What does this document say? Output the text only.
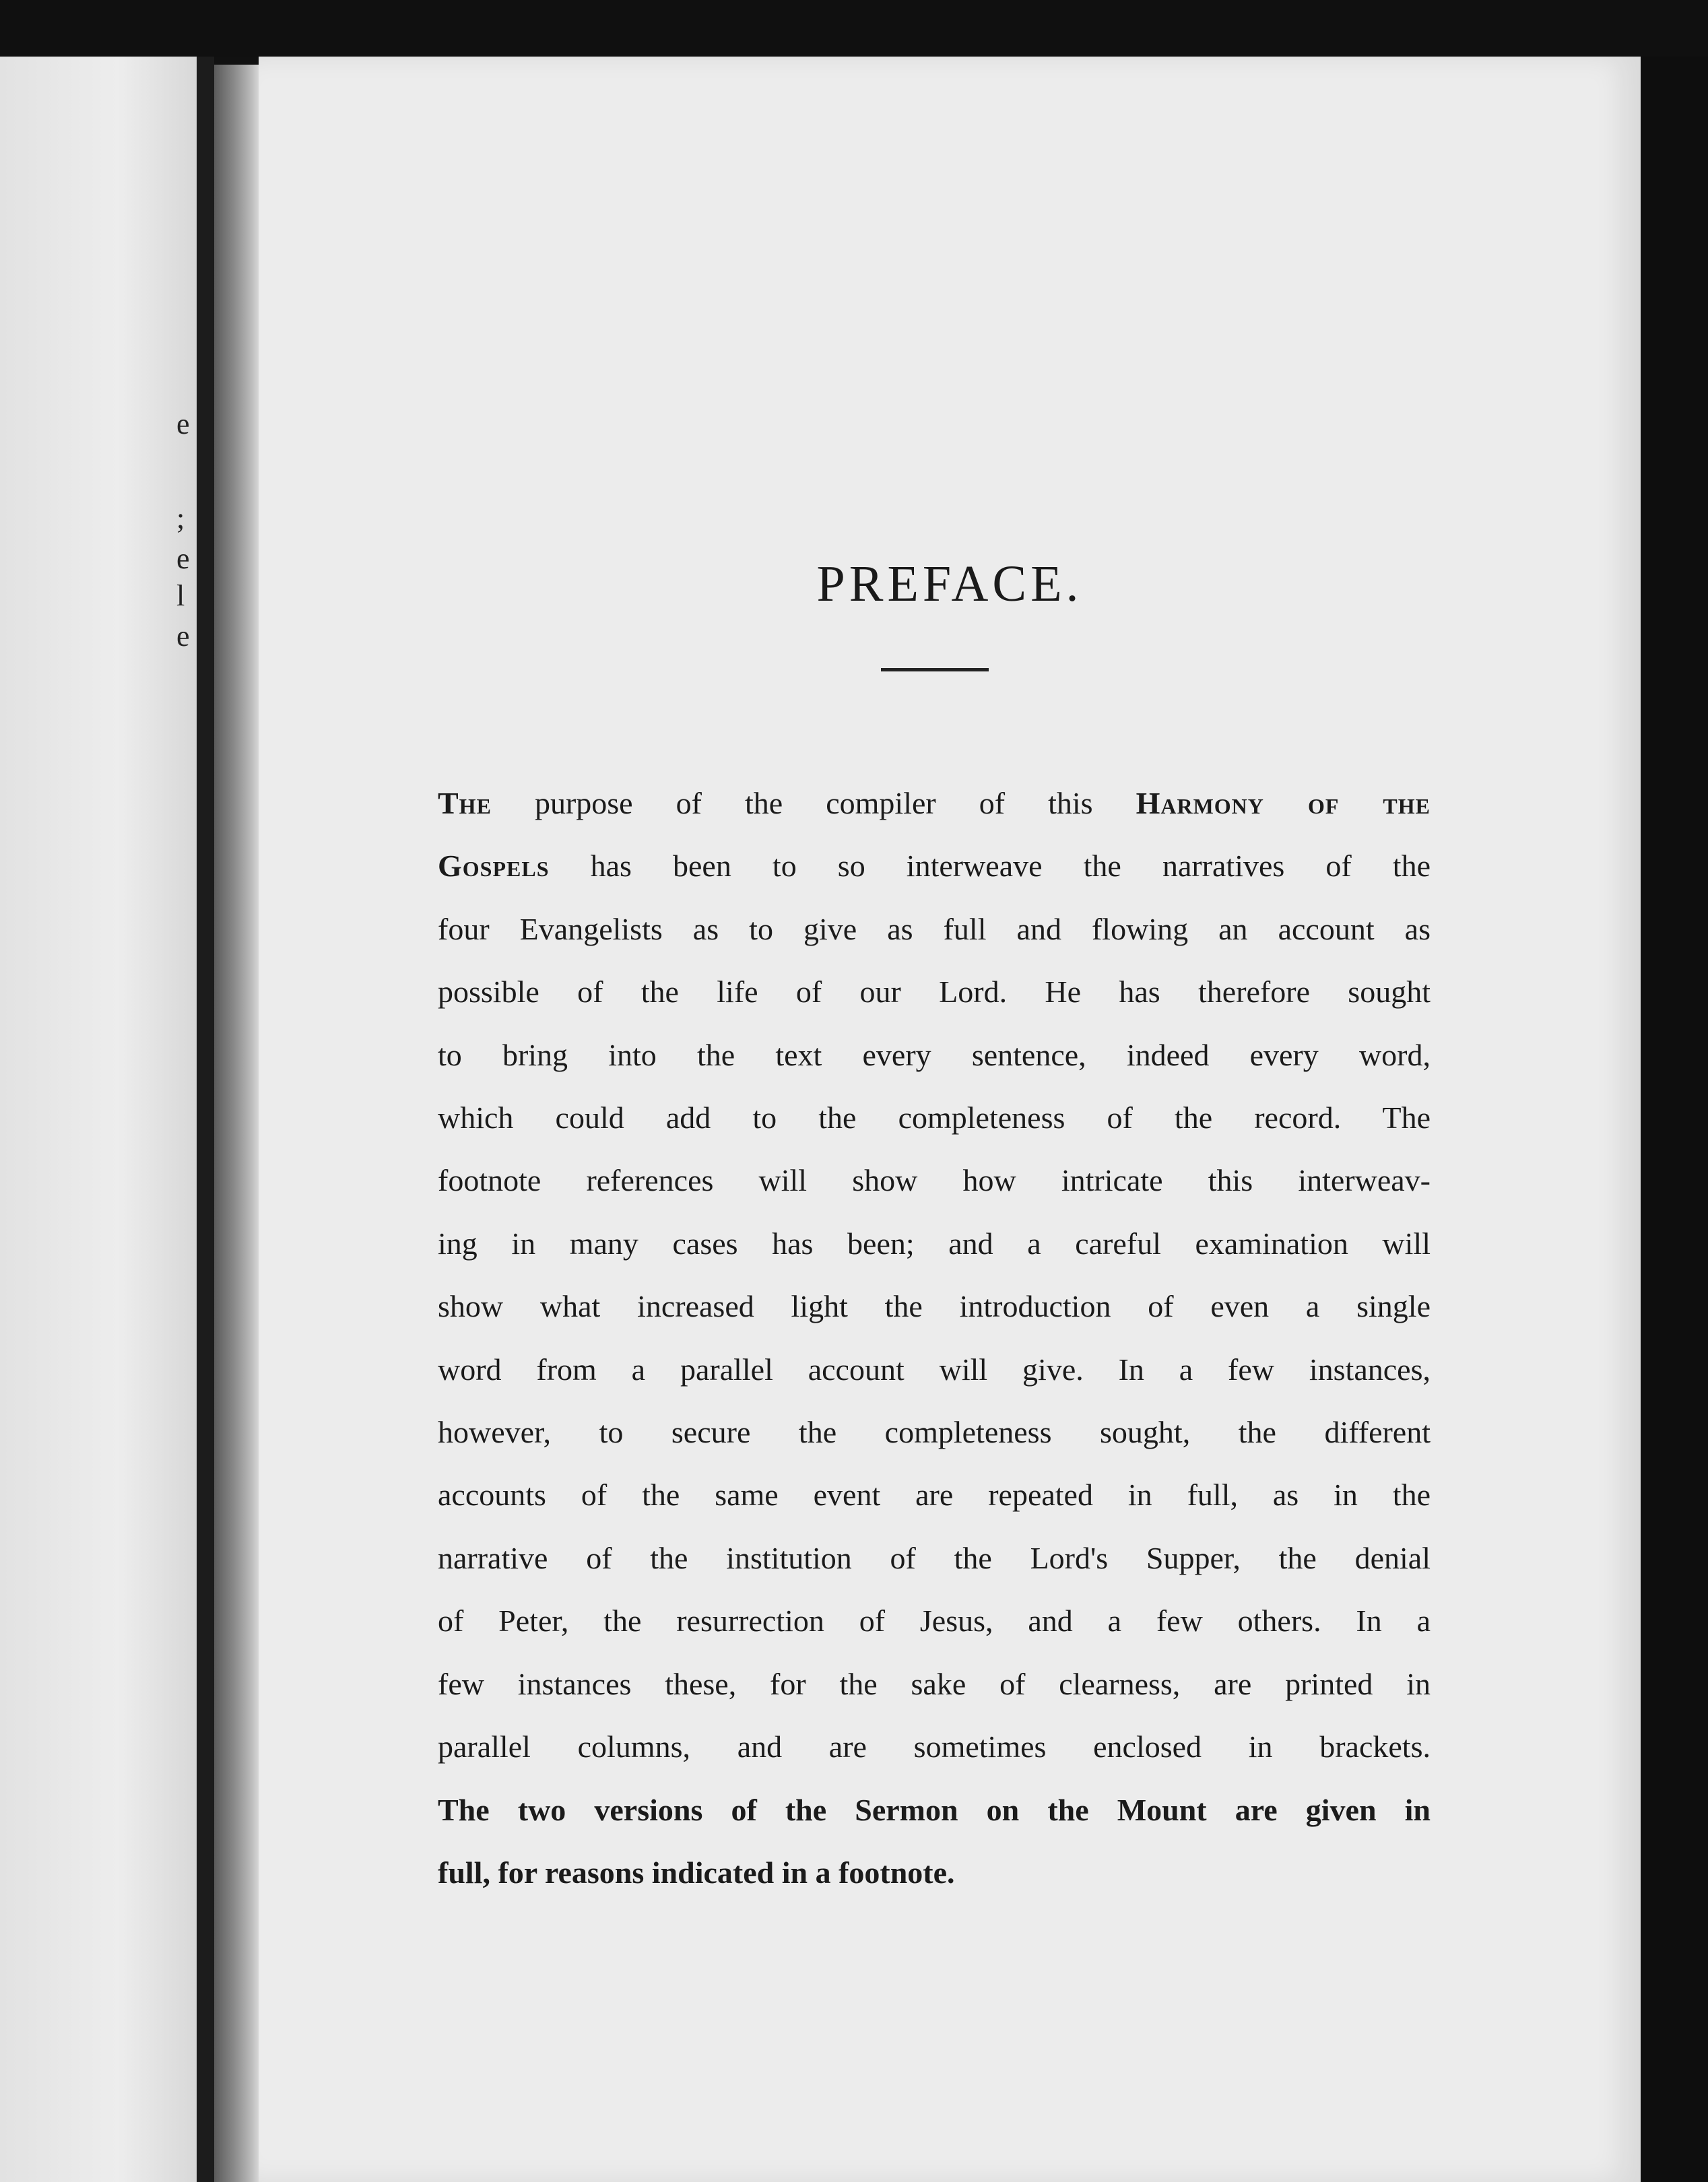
e
;
e
l
e
PREFACE.
The purpose of the compiler of this Harmony of the
Gospels has been to so interweave the narratives of the
four Evangelists as to give as full and flowing an account as
possible of the life of our Lord. He has therefore sought
to bring into the text every sentence, indeed every word,
which could add to the completeness of the record. The
footnote references will show how intricate this interweav-
ing in many cases has been; and a careful examination will
show what increased light the introduction of even a single
word from a parallel account will give. In a few instances,
however, to secure the completeness sought, the different
accounts of the same event are repeated in full, as in the
narrative of the institution of the Lord's Supper, the denial
of Peter, the resurrection of Jesus, and a few others. In a
few instances these, for the sake of clearness, are printed in
parallel columns, and are sometimes enclosed in brackets.
The two versions of the Sermon on the Mount are given in
full, for reasons indicated in a footnote.
